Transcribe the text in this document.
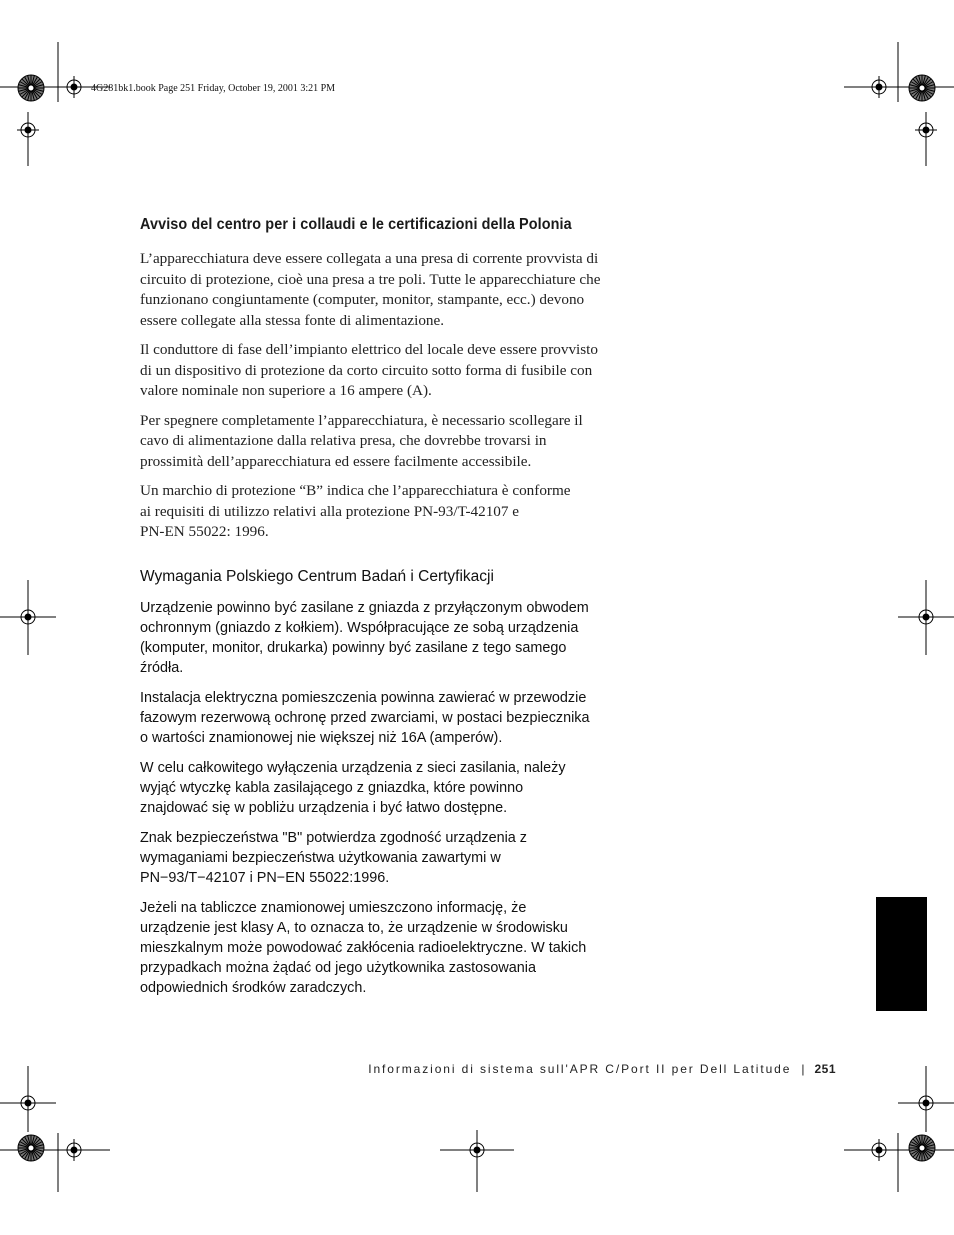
4G281bk1.book Page 251 Friday, October 19, 2001 3:21 PM
Avviso del centro per i collaudi e le certificazioni della Polonia

L’apparecchiatura deve essere collegata a una presa di corrente provvista di
circuito di protezione, cioè una presa a tre poli. Tutte le apparecchiature che
funzionano congiuntamente (computer, monitor, stampante, ecc.) devono
essere collegate alla stessa fonte di alimentazione.

Il conduttore di fase dell’impianto elettrico del locale deve essere provvisto
di un dispositivo di protezione da corto circuito sotto forma di fusibile con
valore nominale non superiore a 16 ampere (A).

Per spegnere completamente l’apparecchiatura, è necessario scollegare il
cavo di alimentazione dalla relativa presa, che dovrebbe trovarsi in
prossimità dell’apparecchiatura ed essere facilmente accessibile.

Un marchio di protezione “B” indica che l’apparecchiatura è conforme
ai requisiti di utilizzo relativi alla protezione PN-93/T-42107 e
PN-EN 55022: 1996.

Wymagania Polskiego Centrum Badań i Certyfikacji

Urządzenie powinno być zasilane z gniazda z przyłączonym obwodem
ochronnym (gniazdo z kołkiem). Współpracujące ze sobą urządzenia
(komputer, monitor, drukarka) powinny być zasilane z tego samego
źródła.

Instalacja elektryczna pomieszczenia powinna zawierać w przewodzie
fazowym rezerwową ochronę przed zwarciami, w postaci bezpiecznika
o wartości znamionowej nie większej niż 16A (amperów).

W celu całkowitego wyłączenia urządzenia z sieci zasilania, należy
wyjąć wtyczkę kabla zasilającego z gniazdka, które powinno
znajdować się w pobliżu urządzenia i być łatwo dostępne.

Znak bezpieczeństwa "B" potwierdza zgodność urządzenia z
wymaganiami bezpieczeństwa użytkowania zawartymi w
PN−93/T−42107 i PN−EN 55022:1996.

Jeżeli na tabliczce znamionowej umieszczono informację, że
urządzenie jest klasy A, to oznacza to, że urządzenie w środowisku
mieszkalnym może powodować zakłócenia radioelektryczne. W takich
przypadkach można żądać od jego użytkownika zastosowania
odpowiednich środków zaradczych.

Informazioni di sistema sull'APR C/Port II per Dell Latitude | 251
